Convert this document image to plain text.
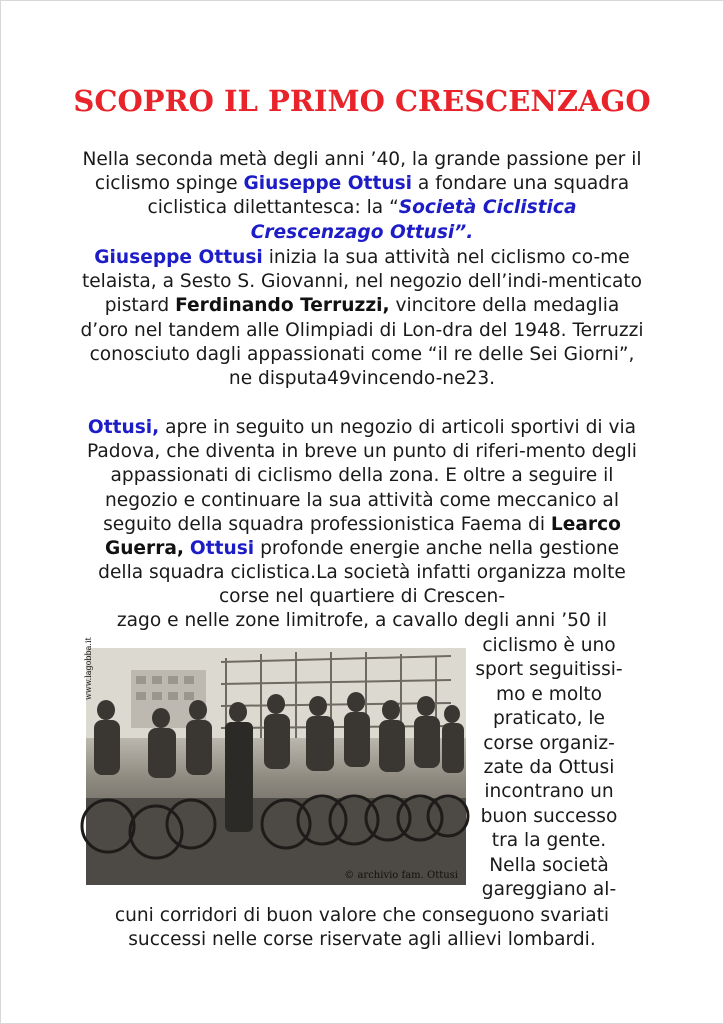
SCOPRO IL PRIMO CRESCENZAGO

Nella seconda metà degli anni ’40, la grande passione per il ciclismo spinge Giuseppe Ottusi a fondare una squadra ciclistica dilettantesca: la “Società Ciclistica Crescenzago Ottusi”.

Giuseppe Ottusi inizia la sua attività nel ciclismo co-me telaista, a Sesto S. Giovanni, nel negozio dell’indi-menticato pistard Ferdinando Terruzzi, vincitore della medaglia d’oro nel tandem alle Olimpiadi di Lon-dra del 1948. Terruzzi conosciuto dagli appassionati come “il re delle Sei Giorni”, ne disputa49vincendo-ne23.

Ottusi, apre in seguito un negozio di articoli sportivi di via Padova, che diventa in breve un punto di riferi-mento degli appassionati di ciclismo della zona. E oltre a seguire il negozio e continuare la sua attività come meccanico al seguito della squadra professionistica Faema di Learco Guerra, Ottusi profonde energie anche nella gestione della squadra ciclistica.La società infatti organizza molte corse nel quartiere di Crescen-

zago e nelle zone limitrofe, a cavallo degli anni ’50 il

www.lagobba.it
© archivio fam. Ottusi

ciclismo è uno sport seguitissi-mo e molto praticato, le corse organiz-zate da Ottusi incontrano un buon successo tra la gente. Nella società gareggiano al-

cuni corridori di buon valore che conseguono svariati successi nelle corse riservate agli allievi lombardi.
